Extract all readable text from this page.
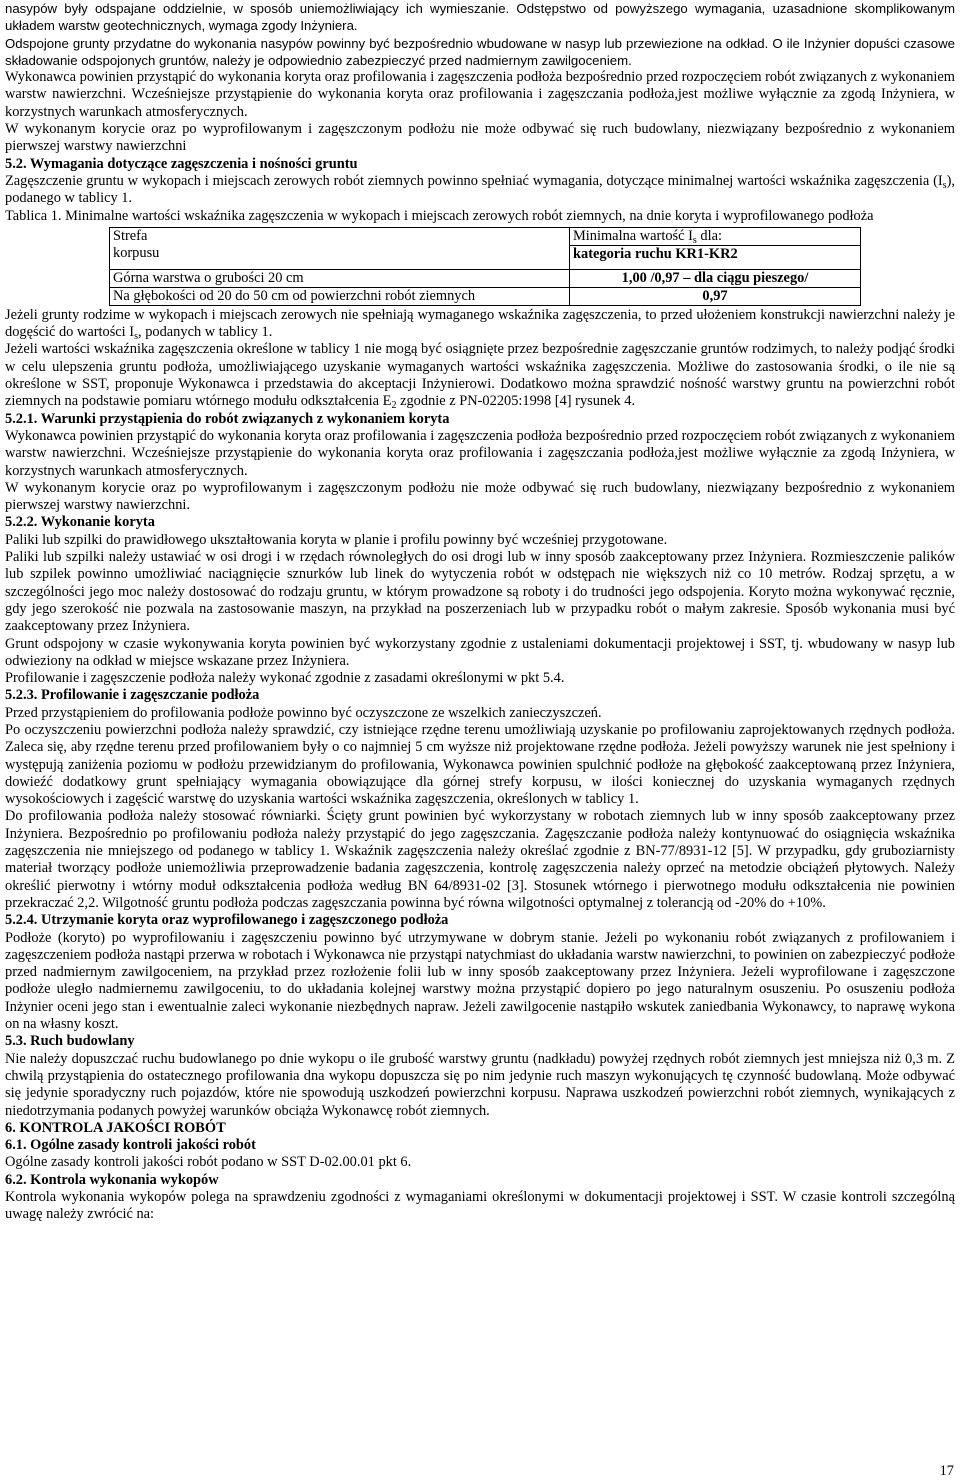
nasypów były odspajane oddzielnie, w sposób uniemożliwiający ich wymieszanie. Odstępstwo od powyższego wymagania, uzasadnione skomplikowanym układem warstw geotechnicznych, wymaga zgody Inżyniera.

Odspojone grunty przydatne do wykonania nasypów powinny być bezpośrednio wbudowane w nasyp lub przewiezione na odkład. O ile Inżynier dopuści czasowe składowanie odspojonych gruntów, należy je odpowiednio zabezpieczyć przed nadmiernym zawilgoceniem.

Wykonawca powinien przystąpić do wykonania koryta oraz profilowania i zagęszczenia podłoża bezpośrednio przed rozpoczęciem robót związanych z wykonaniem warstw nawierzchni. Wcześniejsze przystąpienie do wykonania koryta oraz profilowania i zagęszczania podłoża,jest możliwe wyłącznie za zgodą Inżyniera, w korzystnych warunkach atmosferycznych.

W wykonanym korycie oraz po wyprofilowanym i zagęszczonym podłożu nie może odbywać się ruch budowlany, niezwiązany bezpośrednio z wykonaniem pierwszej warstwy nawierzchni

5.2. Wymagania dotyczące zagęszczenia i nośności gruntu

Zagęszczenie gruntu w wykopach i miejscach zerowych robót ziemnych powinno spełniać wymagania, dotyczące minimalnej wartości wskaźnika zagęszczenia $(I_s)$, podanego w tablicy 1.

Tablica 1. Minimalne wartości wskaźnika zagęszczenia w wykopach i miejscach zerowych robót ziemnych, na dnie koryta i wyprofilowanego podłoża

Strefa	Minimalna wartość $I_s$ dla:
korpusu	kategoria ruchu KR1-KR2

Górna warstwa o grubości 20 cm	1,00 /0,97 – dla ciągu pieszego/
Na głębokości od 20 do 50 cm od powierzchni robót ziemnych	0,97

Jeżeli grunty rodzime w wykopach i miejscach zerowych nie spełniają wymaganego wskaźnika zagęszczenia, to przed ułożeniem konstrukcji nawierzchni należy je dogęścić do wartości $I_s$, podanych w tablicy 1.

Jeżeli wartości wskaźnika zagęszczenia określone w tablicy 1 nie mogą być osiągnięte przez bezpośrednie zagęszczanie gruntów rodzimych, to należy podjąć środki w celu ulepszenia gruntu podłoża, umożliwiającego uzyskanie wymaganych wartości wskaźnika zagęszczenia. Możliwe do zastosowania środki, o ile nie są określone w SST, proponuje Wykonawca i przedstawia do akceptacji Inżynierowi. Dodatkowo można sprawdzić nośność warstwy gruntu na powierzchni robót ziemnych na podstawie pomiaru wtórnego modułu odkształcenia $E_2$ zgodnie z PN-02205:1998 [4] rysunek 4.

5.2.1. Warunki przystąpienia do robót związanych z wykonaniem koryta

Wykonawca powinien przystąpić do wykonania koryta oraz profilowania i zagęszczenia podłoża bezpośrednio przed rozpoczęciem robót związanych z wykonaniem warstw nawierzchni. Wcześniejsze przystąpienie do wykonania koryta oraz profilowania i zagęszczania podłoża,jest możliwe wyłącznie za zgodą Inżyniera, w korzystnych warunkach atmosferycznych.

W wykonanym korycie oraz po wyprofilowanym i zagęszczonym podłożu nie może odbywać się ruch budowlany, niezwiązany bezpośrednio z wykonaniem pierwszej warstwy nawierzchni.

5.2.2. Wykonanie koryta

Paliki lub szpilki do prawidłowego ukształtowania koryta w planie i profilu powinny być wcześniej przygotowane.

Paliki lub szpilki należy ustawiać w osi drogi i w rzędach równoległych do osi drogi lub w inny sposób zaakceptowany przez Inżyniera. Rozmieszczenie palików lub szpilek powinno umożliwiać naciągnięcie sznurków lub linek do wytyczenia robót w odstępach nie większych niż co 10 metrów. Rodzaj sprzętu, a w szczególności jego moc należy dostosować do rodzaju gruntu, w którym prowadzone są roboty i do trudności jego odspojenia. Koryto można wykonywać ręcznie, gdy jego szerokość nie pozwala na zastosowanie maszyn, na przykład na poszerzeniach lub w przypadku robót o małym zakresie. Sposób wykonania musi być zaakceptowany przez Inżyniera.

Grunt odspojony w czasie wykonywania koryta powinien być wykorzystany zgodnie z ustaleniami dokumentacji projektowej i SST, tj. wbudowany w nasyp lub odwieziony na odkład w miejsce wskazane przez Inżyniera.

Profilowanie i zagęszczenie podłoża należy wykonać zgodnie z zasadami określonymi w pkt 5.4.

5.2.3. Profilowanie i zagęszczanie podłoża

Przed przystąpieniem do profilowania podłoże powinno być oczyszczone ze wszelkich zanieczyszczeń.

Po oczyszczeniu powierzchni podłoża należy sprawdzić, czy istniejące rzędne terenu umożliwiają uzyskanie po profilowaniu zaprojektowanych rzędnych podłoża. Zaleca się, aby rzędne terenu przed profilowaniem były o co najmniej 5 cm wyższe niż projektowane rzędne podłoża. Jeżeli powyższy warunek nie jest spełniony i występują zaniżenia poziomu w podłożu przewidzianym do profilowania, Wykonawca powinien spulchnić podłoże na głębokość zaakceptowaną przez Inżyniera, dowieźć dodatkowy grunt spełniający wymagania obowiązujące dla górnej strefy korpusu, w ilości koniecznej do uzyskania wymaganych rzędnych wysokościowych i zagęścić warstwę do uzyskania wartości wskaźnika zagęszczenia, określonych w tablicy 1.

Do profilowania podłoża należy stosować równiarki. Ścięty grunt powinien być wykorzystany w robotach ziemnych lub w inny sposób zaakceptowany przez Inżyniera. Bezpośrednio po profilowaniu podłoża należy przystąpić do jego zagęszczania. Zagęszczanie podłoża należy kontynuować do osiągnięcia wskaźnika zagęszczenia nie mniejszego od podanego w tablicy 1. Wskaźnik zagęszczenia należy określać zgodnie z BN-77/8931-12 [5]. W przypadku, gdy gruboziarnisty materiał tworzący podłoże uniemożliwia przeprowadzenie badania zagęszczenia, kontrolę zagęszczenia należy oprzeć na metodzie obciążeń płytowych. Należy określić pierwotny i wtórny moduł odkształcenia podłoża według BN 64/8931-02 [3]. Stosunek wtórnego i pierwotnego modułu odkształcenia nie powinien przekraczać 2,2. Wilgotność gruntu podłoża podczas zagęszczania powinna być równa wilgotności optymalnej z tolerancją od -20% do +10%.

5.2.4. Utrzymanie koryta oraz wyprofilowanego i zagęszczonego podłoża

Podłoże (koryto) po wyprofilowaniu i zagęszczeniu powinno być utrzymywane w dobrym stanie. Jeżeli po wykonaniu robót związanych z profilowaniem i zagęszczeniem podłoża nastąpi przerwa w robotach i Wykonawca nie przystąpi natychmiast do układania warstw nawierzchni, to powinien on zabezpieczyć podłoże przed nadmiernym zawilgoceniem, na przykład przez rozłożenie folii lub w inny sposób zaakceptowany przez Inżyniera. Jeżeli wyprofilowane i zagęszczone podłoże uległo nadmiernemu zawilgoceniu, to do układania kolejnej warstwy można przystąpić dopiero po jego naturalnym osuszeniu. Po osuszeniu podłoża Inżynier oceni jego stan i ewentualnie zaleci wykonanie niezbędnych napraw. Jeżeli zawilgocenie nastąpiło wskutek zaniedbania Wykonawcy, to naprawę wykona on na własny koszt.

5.3. Ruch budowlany

Nie należy dopuszczać ruchu budowlanego po dnie wykopu o ile grubość warstwy gruntu (nadkładu) powyżej rzędnych robót ziemnych jest mniejsza niż 0,3 m. Z chwilą przystąpienia do ostatecznego profilowania dna wykopu dopuszcza się po nim jedynie ruch maszyn wykonujących tę czynność budowlaną. Może odbywać się jedynie sporadyczny ruch pojazdów, które nie spowodują uszkodzeń powierzchni korpusu. Naprawa uszkodzeń powierzchni robót ziemnych, wynikających z niedotrzymania podanych powyżej warunków obciąża Wykonawcę robót ziemnych.

6. KONTROLA JAKOŚCI ROBÓT

6.1. Ogólne zasady kontroli jakości robót

Ogólne zasady kontroli jakości robót podano w SST D-02.00.01 pkt 6.

6.2. Kontrola wykonania wykopów

Kontrola wykonania wykopów polega na sprawdzeniu zgodności z wymaganiami określonymi w dokumentacji projektowej i SST. W czasie kontroli szczególną uwagę należy zwrócić na:

17
